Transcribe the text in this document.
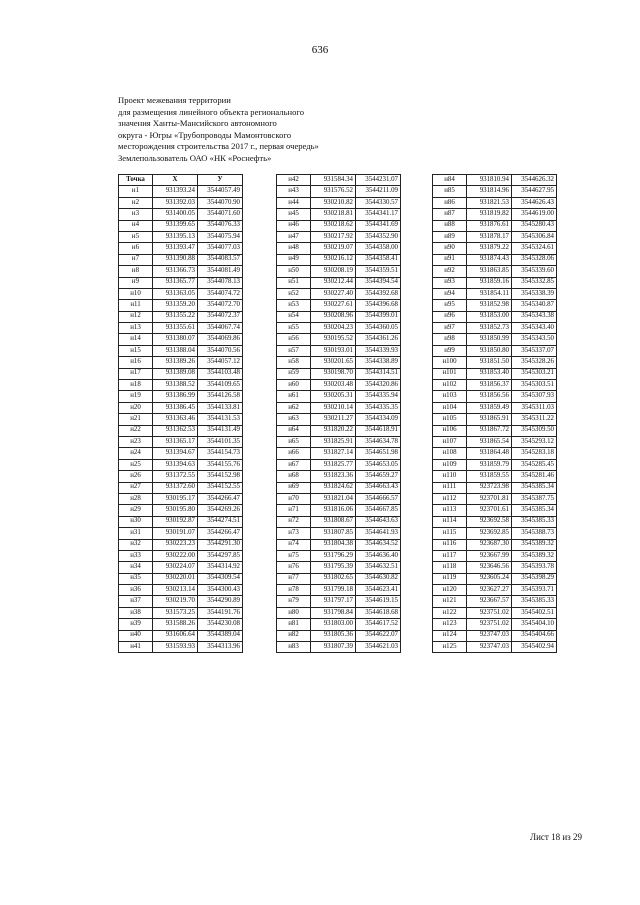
636
Проект межевания территории
для размещения линейного объекта регионального
значения Ханты-Мансийского автономного
округа - Югры «Трубопроводы Мамонтовского
месторождения строительства 2017 г., первая очередь»
Землепользователь ОАО «НК «Роснефть»
Точка	X	У
н1	931393.24	3544057.49
н2	931392.03	3544070.90
н3	931400.05	3544071.60
н4	931399.65	3544076.33
н5	931395.13	3544075.94
н6	931393.47	3544077.03
н7	931390.88	3544083.57
н8	931366.73	3544081.49
н9	931365.77	3544078.13
н10	931363.05	3544074.72
н11	931359.20	3544072.70
н12	931355.22	3544072.37
н13	931355.61	3544067.74
н14	931380.07	3544069.86
н15	931388.04	3544070.56
н16	931389.26	3544057.12
н17	931389.08	3544103.48
н18	931388.52	3544109.65
н19	931386.99	3544126.58
н20	931386.45	3544133.81
н21	931363.46	3544131.53
н22	931362.53	3544131.49
н23	931365.17	3544101.35
н24	931394.67	3544154.73
н25	931394.63	3544155.76
н26	931372.55	3544152.98
н27	931372.60	3544152.55
н28	930195.17	3544266.47
н29	930195.80	3544269.26
н30	930192.87	3544274.51
н31	930191.07	3544266.47
н32	930223.23	3544291.30
н33	930222.00	3544297.85
н34	930224.07	3544314.92
н35	930220.01	3544309.54
н36	930213.14	3544300.43
н37	930219.70	3544290.89
н38	931573.25	3544191.76
н39	931588.26	3544230.08
н40	931606.64	3544389.04
н41	931593.93	3544313.96
н42	931584.34	3544231.07
н43	931576.52	3544211.09
н44	930210.82	3544330.57
н45	930218.81	3544341.17
н46	930218.62	3544341.69
н47	930217.92	3544352.90
н48	930219.07	3544358.00
н49	930216.12	3544358.41
н50	930208.19	3544359.51
н51	930212.44	3544394.54
н52	930227.40	3544392.68
н53	930227.61	3544396.68
н54	930208.96	3544399.01
н55	930204.23	3544360.05
н56	930195.52	3544361.26
н57	930193.01	3544339.93
н58	930201.65	3544338.89
н59	930198.70	3544314.51
н60	930203.48	3544320.86
н61	930205.31	3544335.94
н62	930210.14	3544335.35
н63	930211.27	3544334.09
н64	931820.22	3544618.91
н65	931825.91	3544634.78
н66	931827.14	3544651.98
н67	931825.77	3544653.05
н68	931823.36	3544659.27
н69	931824.62	3544663.43
н70	931821.04	3544666.57
н71	931816.06	3544667.85
н72	931808.67	3544643.63
н73	931807.85	3544641.93
н74	931804.38	3544634.52
н75	931796.29	3544636.40
н76	931795.39	3544632.51
н77	931802.65	3544630.82
н78	931799.18	3544623.41
н79	931797.17	3544619.15
н80	931798.84	3544618.68
н81	931803.00	3544617.52
н82	931805.36	3544622.07
н83	931807.39	3544621.03
н84	931810.94	3544626.32
н85	931814.96	3544627.95
н86	931821.53	3544626.43
н87	931819.82	3544619.00
н88	931876.61	3545280.43
н89	931878.17	3545306.84
н90	931879.22	3545324.61
н91	931874.43	3545328.06
н92	931863.85	3545339.60
н93	931859.16	3545332.85
н94	931854.11	3545338.39
н95	931852.98	3545340.87
н96	931853.00	3545343.38
н97	931852.73	3545343.40
н98	931850.99	3545343.50
н99	931850.80	3545337.07
н100	931851.50	3545328.26
н101	931853.40	3545303.21
н102	931856.37	3545303.51
н103	931856.56	3545307.93
н104	931859.49	3545311.03
н105	931865.91	3545311.22
н106	931867.72	3545309.50
н107	931865.54	3545293.12
н108	931864.48	3545283.18
н109	931859.79	3545285.45
н110	931859.55	3545281.46
н111	923723.98	3545385.34
н112	923701.81	3545387.75
н113	923701.61	3545385.34
н114	923692.58	3545385.33
н115	923692.85	3545388.73
н116	923687.30	3545389.32
н117	923667.99	3545389.32
н118	923646.56	3545393.78
н119	923605.24	3545398.29
н120	923627.27	3545393.71
н121	923667.57	3545385.33
н122	923751.02	3545402.51
н123	923751.02	3545404.10
н124	923747.03	3545404.66
н125	923747.03	3545402.94
Лист 18 из 29
